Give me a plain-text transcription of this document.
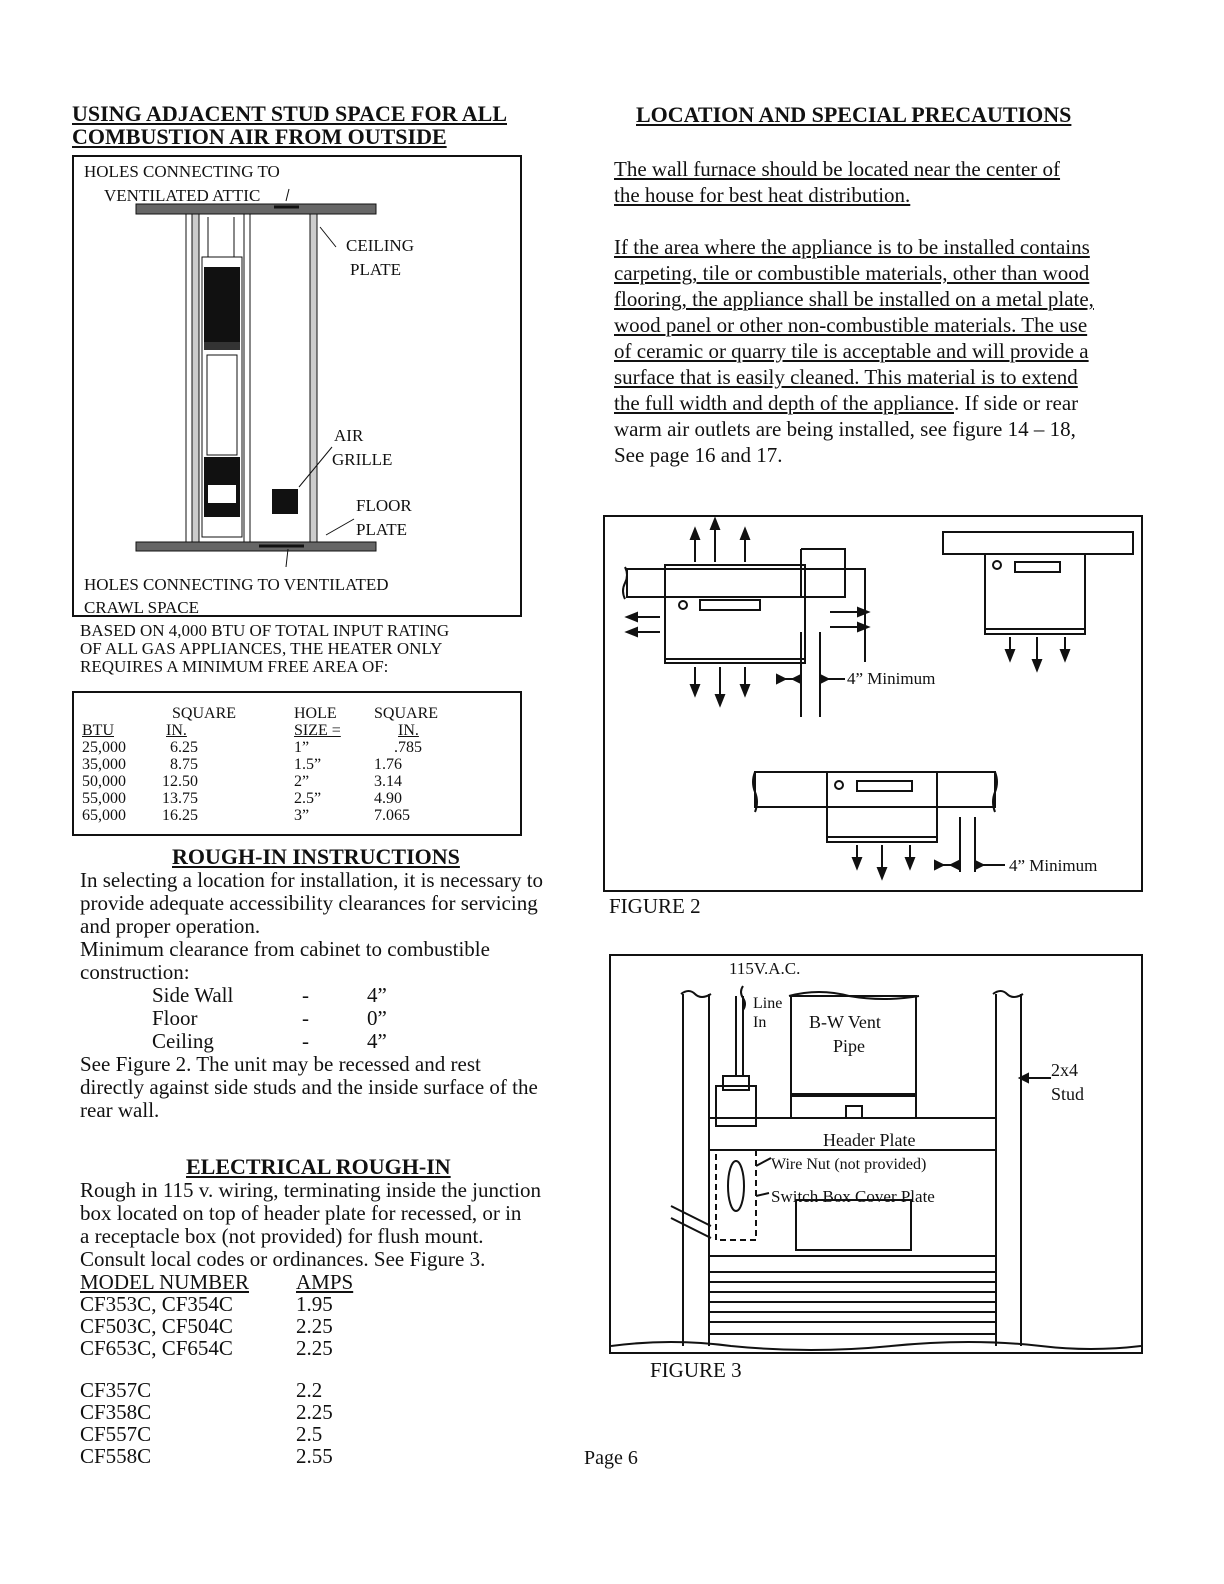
USING ADJACENT STUD SPACE FOR ALL
COMBUSTION AIR FROM OUTSIDE
HOLES CONNECTING TO
VENTILATED ATTIC
CEILING
PLATE
AIR
GRILLE
FLOOR
PLATE
HOLES CONNECTING TO VENTILATED
CRAWL SPACE
BASED ON 4,000 BTU OF TOTAL INPUT RATING
OF ALL GAS APPLIANCES, THE HEATER ONLY
REQUIRES A MINIMUM FREE AREA OF:
	SQUARE	HOLE	SQUARE
BTU	IN.	SIZE =	IN.
25,000	6.25	1”	.785
35,000	8.75	1.5”	1.76
50,000	12.50	2”	3.14
55,000	13.75	2.5”	4.90
65,000	16.25	3”	7.065
ROUGH-IN INSTRUCTIONS
In selecting a location for installation, it is necessary to
provide adequate accessibility clearances for servicing
and proper operation.
Minimum clearance from cabinet to combustible
construction:
Side Wall	-	4”
Floor	-	0”
Ceiling	-	4”
See Figure 2. The unit may be recessed and rest
directly against side studs and the inside surface of the
rear wall.
ELECTRICAL ROUGH-IN
Rough in 115 v. wiring, terminating inside the junction
box located on top of header plate for recessed, or in
a receptacle box (not provided) for flush mount.
Consult local codes or ordinances. See Figure 3.
MODEL NUMBER AMPS
CF353C, CF354C	1.95
CF503C, CF504C	2.25
CF653C, CF654C	2.25
CF357C	2.2
CF358C	2.25
CF557C	2.5
CF558C	2.55
LOCATION AND SPECIAL PRECAUTIONS
The wall furnace should be located near the center of
the house for best heat distribution.
If the area where the appliance is to be installed contains
carpeting, tile or combustible materials, other than wood
flooring, the appliance shall be installed on a metal plate,
wood panel or other non-combustible materials. The use
of ceramic or quarry tile is acceptable and will provide a
surface that is easily cleaned. This material is to extend
the full width and depth of the appliance. If side or rear
warm air outlets are being installed, see figure 14 – 18,
See page 16 and 17.
4” Minimum
4” Minimum
FIGURE 2
115V.A.C.
Line
In B-W Vent
Pipe
2x4
Stud
Header Plate
Wire Nut (not provided)
Switch Box Cover Plate
FIGURE 3
Page 6
